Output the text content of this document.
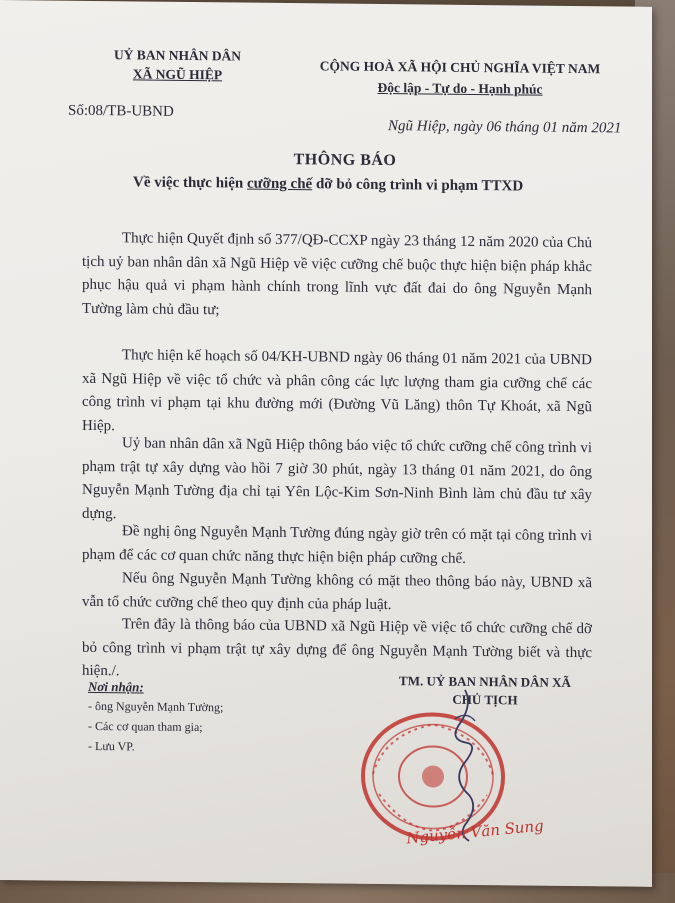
UỶ BAN NHÂN DÂN
XÃ NGŨ HIỆP
Số:08/TB-UBND
CỘNG HOÀ XÃ HỘI CHỦ NGHĨA VIỆT NAM
Độc lập - Tự do - Hạnh phúc
Ngũ Hiệp, ngày 06 tháng 01 năm 2021
THÔNG BÁO
Về việc thực hiện cưỡng chế dỡ bỏ công trình vi phạm TTXD
Thực hiện Quyết định số 377/QĐ-CCXP ngày 23 tháng 12 năm 2020 của Chủ tịch uỷ ban nhân dân xã Ngũ Hiệp về việc cưỡng chế buộc thực hiện biện pháp khắc phục hậu quả vi phạm hành chính trong lĩnh vực đất đai do ông Nguyễn Mạnh Tường làm chủ đầu tư;
Thực hiện kế hoạch số 04/KH-UBND ngày 06 tháng 01 năm 2021 của UBND xã Ngũ Hiệp về việc tổ chức và phân công các lực lượng tham gia cưỡng chế các công trình vi phạm tại khu đường mới (Đường Vũ Lăng) thôn Tự Khoát, xã Ngũ Hiệp.
Uỷ ban nhân dân xã Ngũ Hiệp thông báo việc tổ chức cưỡng chế công trình vi phạm trật tự xây dựng vào hồi 7 giờ 30 phút, ngày 13 tháng 01 năm 2021, do ông Nguyễn Mạnh Tường địa chỉ tại Yên Lộc-Kim Sơn-Ninh Bình làm chủ đầu tư xây dựng.
Đề nghị ông Nguyễn Mạnh Tường đúng ngày giờ trên có mặt tại công trình vi phạm để các cơ quan chức năng thực hiện biện pháp cưỡng chế.
Nếu ông Nguyễn Mạnh Tường không có mặt theo thông báo này, UBND xã vẫn tổ chức cưỡng chế theo quy định của pháp luật.
Trên đây là thông báo của UBND xã Ngũ Hiệp về việc tổ chức cưỡng chế dỡ bỏ công trình vi phạm trật tự xây dựng để ông Nguyễn Mạnh Tường biết và thực hiện./.
Nơi nhận:
- ông Nguyễn Mạnh Tường;
- Các cơ quan tham gia;
- Lưu VP.
TM. UỶ BAN NHÂN DÂN XÃ
CHỦ TỊCH
Nguyễn Văn Sung
